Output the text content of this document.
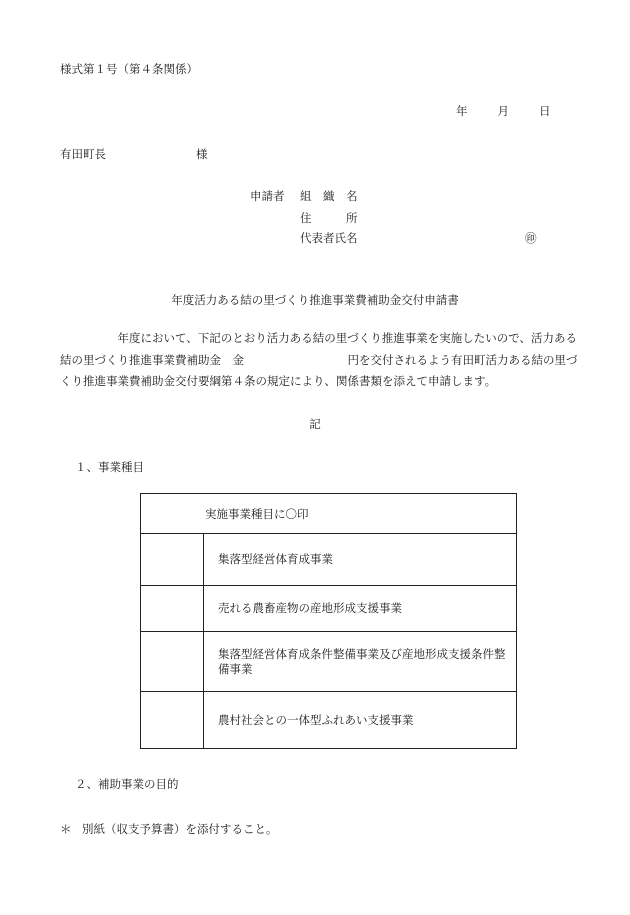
様式第１号（第４条関係）
年	月	日
有田町長	様
申請者 組　織　名
住　　　所
代表者氏名	㊞
年度活力ある結の里づくり推進事業費補助金交付申請書
　　　　　年度において、下記のとおり活力ある結の里づくり推進事業を実施したいので、活力ある
結の里づくり推進事業費補助金　金　　　　　　　　　円を交付されるよう有田町活力ある結の里づ
くり推進事業費補助金交付要綱第４条の規定により、関係書類を添えて申請します。
記
１、事業種目
実施事業種目に〇印	
	集落型経営体育成事業
	売れる農畜産物の産地形成支援事業
	集落型経営体育成条件整備事業及び産地形成支援条件整備事業
	農村社会との一体型ふれあい支援事業
２、補助事業の目的
＊ 別紙（収支予算書）を添付すること。
